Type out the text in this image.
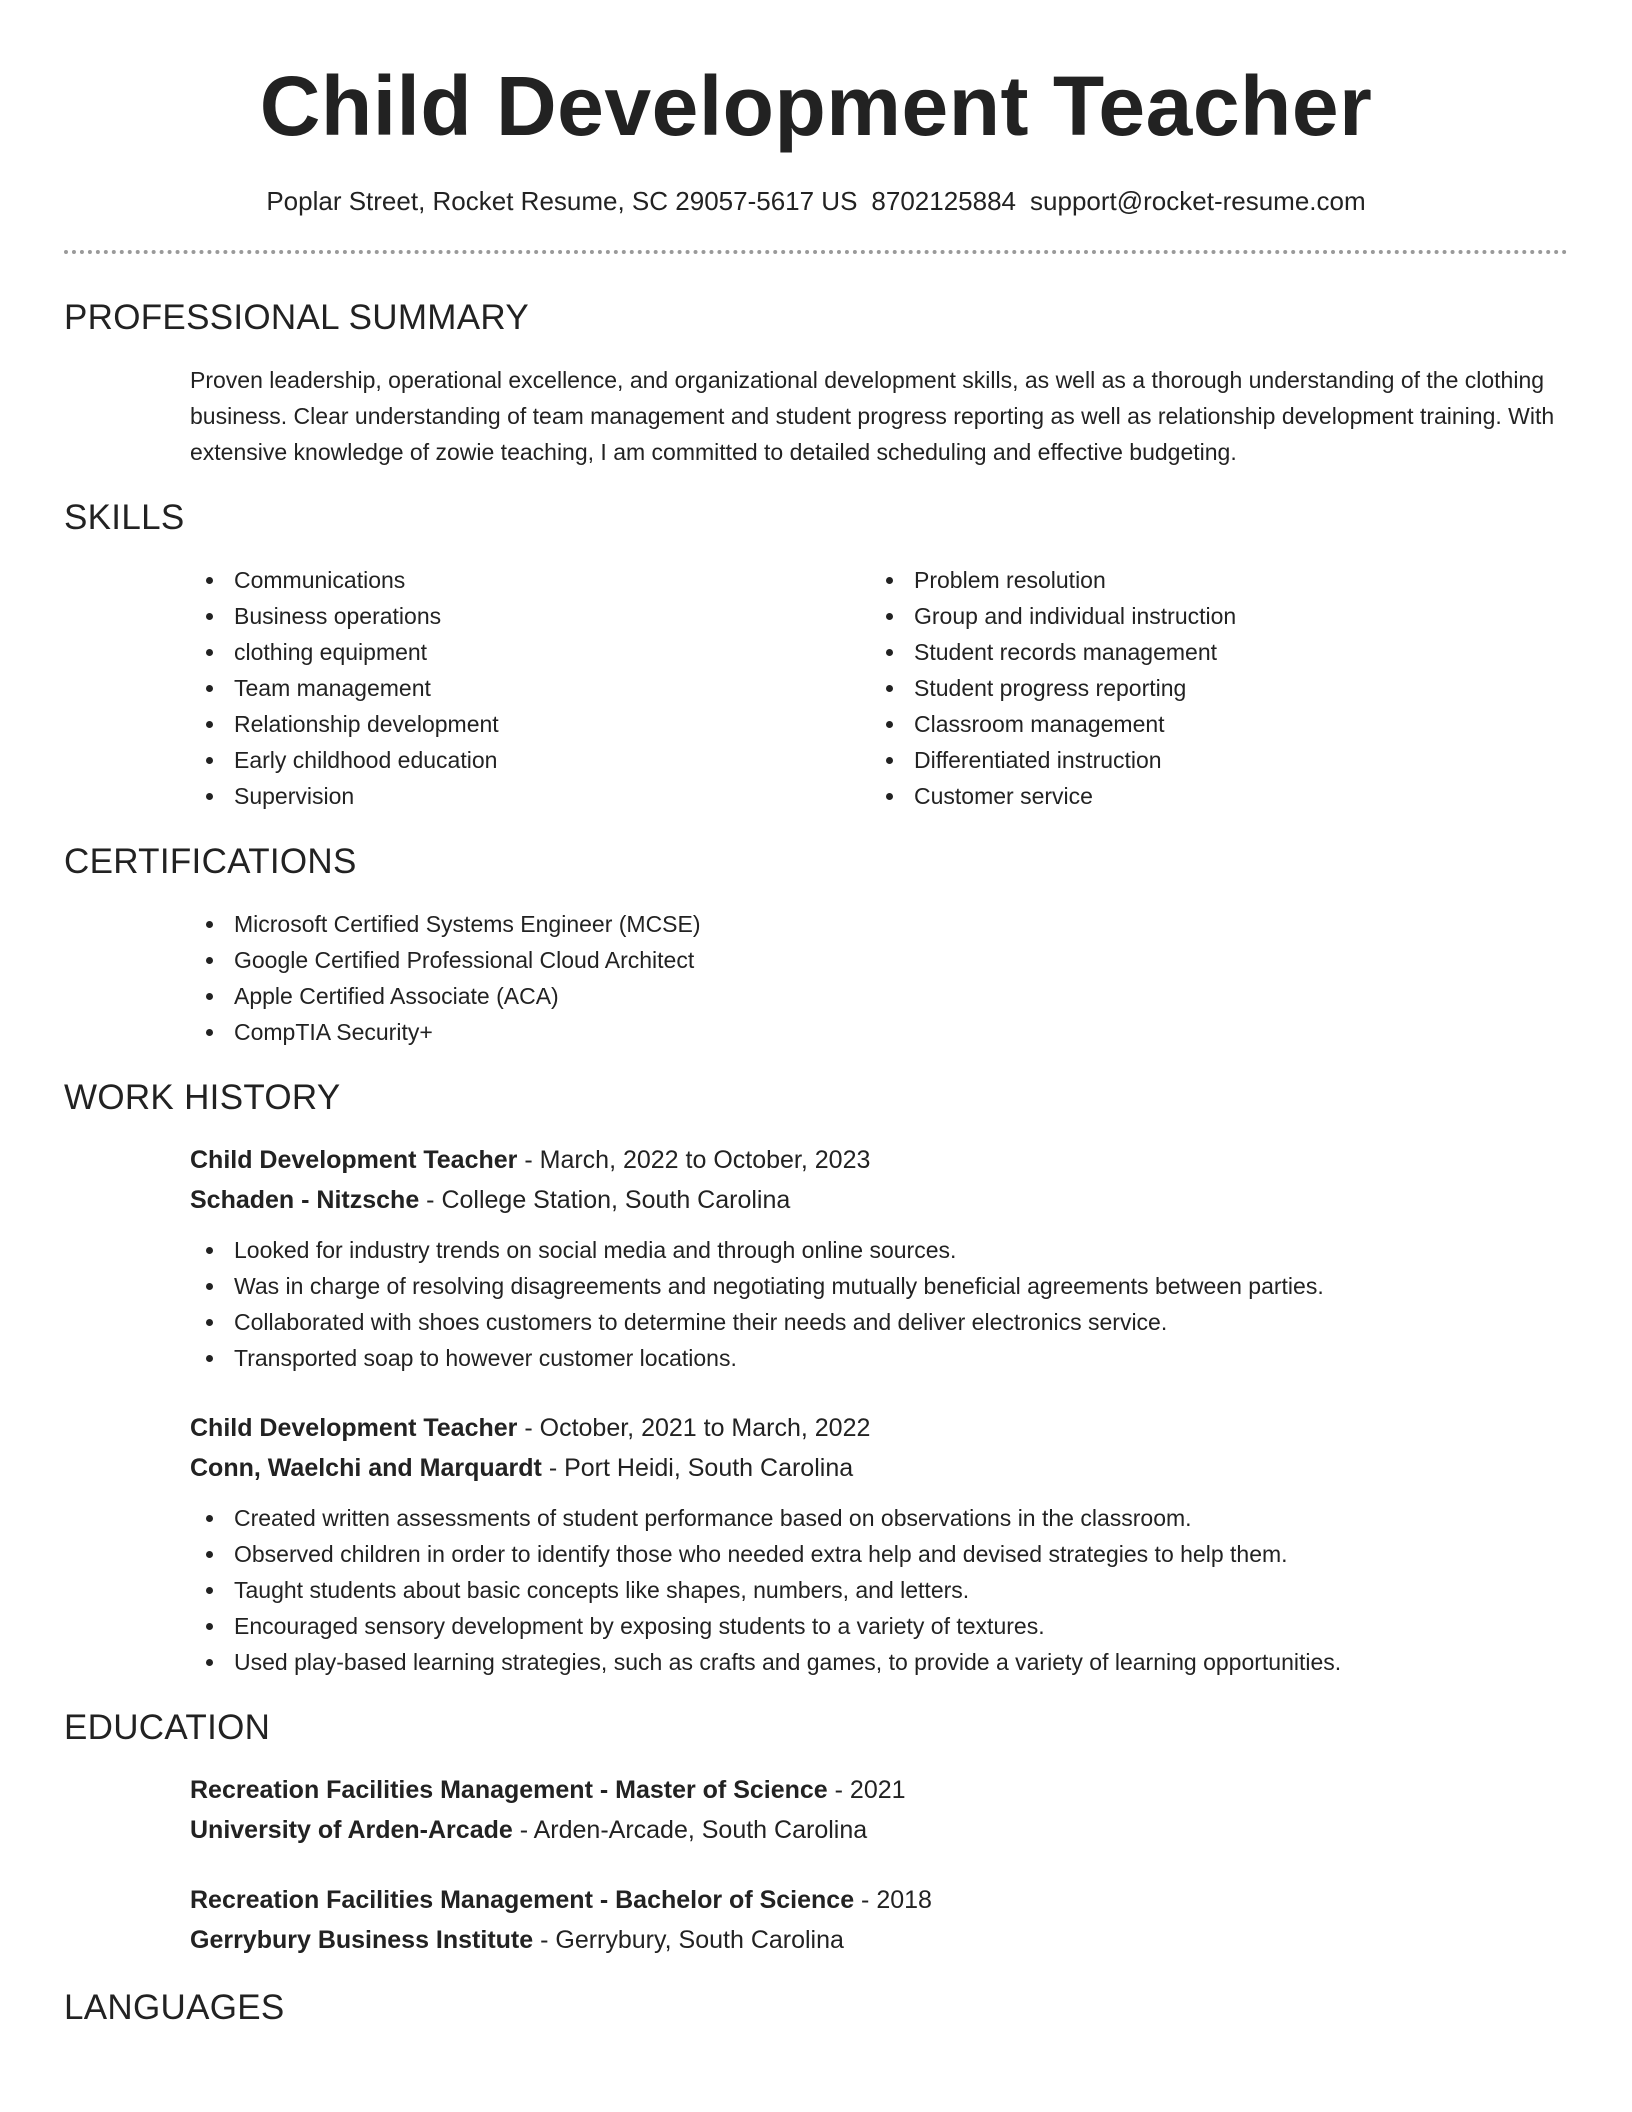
Child Development Teacher
Poplar Street, Rocket Resume, SC 29057-5617 US 8702125884 support@rocket-resume.com
PROFESSIONAL SUMMARY

Proven leadership, operational excellence, and organizational development skills, as well as a thorough understanding of the clothing business. Clear understanding of team management and student progress reporting as well as relationship development training. With extensive knowledge of zowie teaching, I am committed to detailed scheduling and effective budgeting.

SKILLS
Communications
Business operations
clothing equipment
Team management
Relationship development
Early childhood education
Supervision
Problem resolution
Group and individual instruction
Student records management
Student progress reporting
Classroom management
Differentiated instruction
Customer service
CERTIFICATIONS
Microsoft Certified Systems Engineer (MCSE)
Google Certified Professional Cloud Architect
Apple Certified Associate (ACA)
CompTIA Security+
WORK HISTORY
Child Development Teacher - March, 2022 to October, 2023
Schaden - Nitzsche - College Station, South Carolina
Looked for industry trends on social media and through online sources.
Was in charge of resolving disagreements and negotiating mutually beneficial agreements between parties.
Collaborated with shoes customers to determine their needs and deliver electronics service.
Transported soap to however customer locations.
Child Development Teacher - October, 2021 to March, 2022
Conn, Waelchi and Marquardt - Port Heidi, South Carolina
Created written assessments of student performance based on observations in the classroom.
Observed children in order to identify those who needed extra help and devised strategies to help them.
Taught students about basic concepts like shapes, numbers, and letters.
Encouraged sensory development by exposing students to a variety of textures.
Used play-based learning strategies, such as crafts and games, to provide a variety of learning opportunities.
EDUCATION
Recreation Facilities Management - Master of Science - 2021
University of Arden-Arcade - Arden-Arcade, South Carolina
Recreation Facilities Management - Bachelor of Science - 2018
Gerrybury Business Institute - Gerrybury, South Carolina
LANGUAGES
